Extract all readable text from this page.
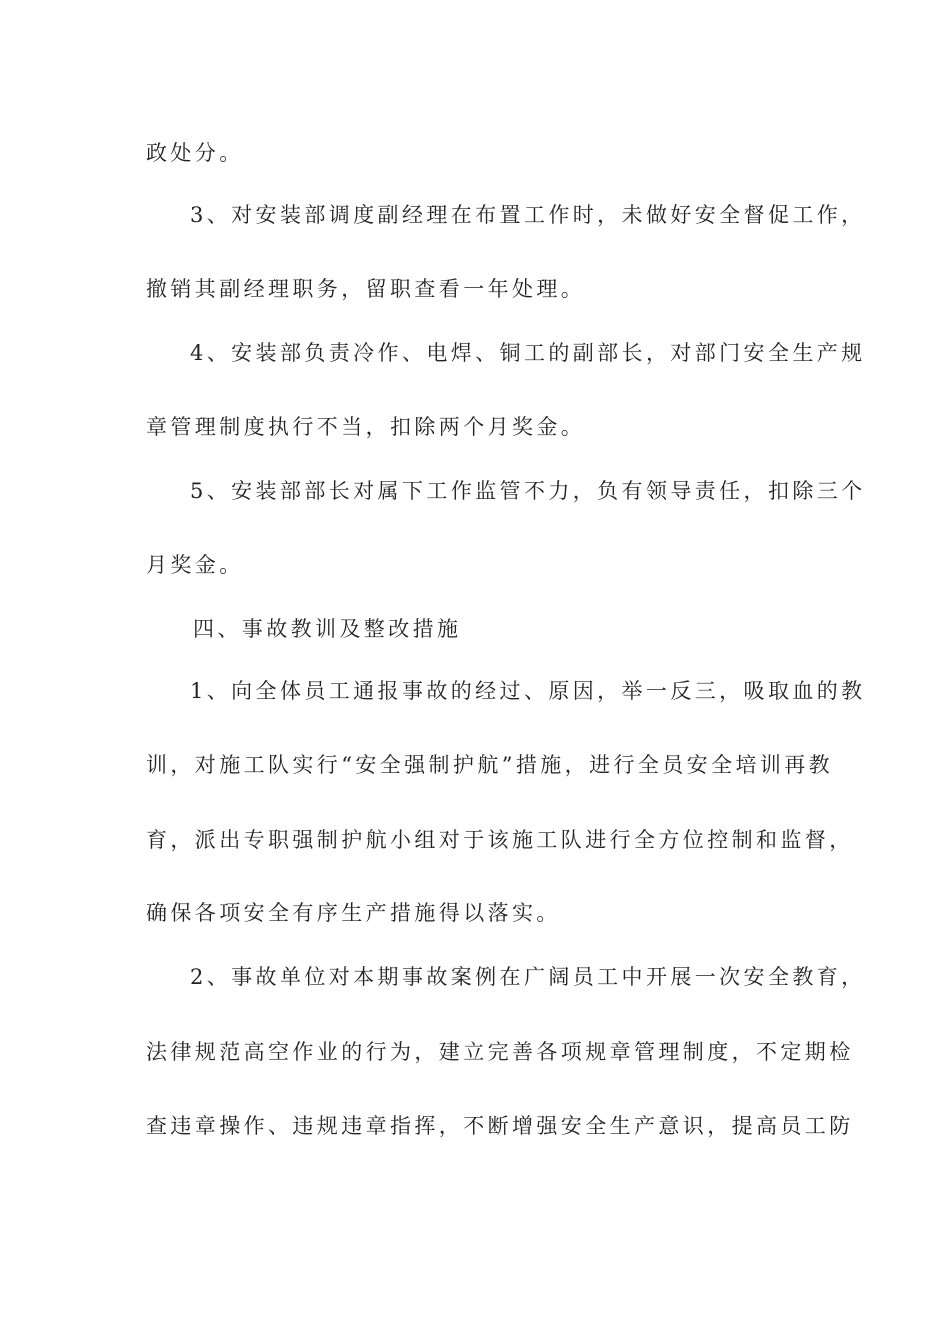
政处分。
3、对安装部调度副经理在布置工作时，未做好安全督促工作，
撤销其副经理职务，留职查看一年处理。
4、安装部负责冷作、电焊、铜工的副部长，对部门安全生产规
章管理制度执行不当，扣除两个月奖金。
5、安装部部长对属下工作监管不力，负有领导责任，扣除三个
月奖金。
四、事故教训及整改措施
1、向全体员工通报事故的经过、原因，举一反三，吸取血的教
训，对施工队实行“安全强制护航”措施，进行全员安全培训再教
育，派出专职强制护航小组对于该施工队进行全方位控制和监督，
确保各项安全有序生产措施得以落实。
2、事故单位对本期事故案例在广阔员工中开展一次安全教育，
法律规范高空作业的行为，建立完善各项规章管理制度，不定期检
查违章操作、违规违章指挥，不断增强安全生产意识，提高员工防
